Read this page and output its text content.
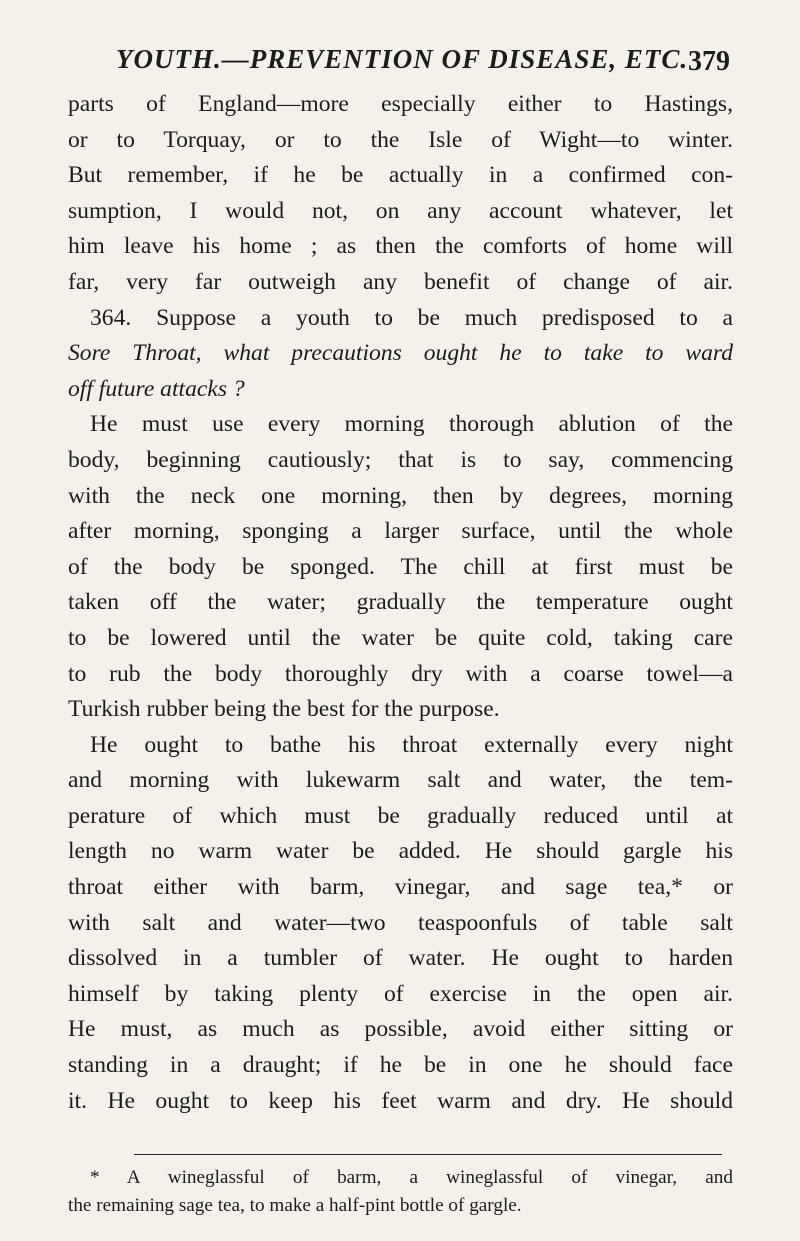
YOUTH.—PREVENTION OF DISEASE, ETC. 379
parts of England—more especially either to Hastings,
or to Torquay, or to the Isle of Wight—to winter.
But remember, if he be actually in a confirmed con-
sumption, I would not, on any account whatever, let
him leave his home ; as then the comforts of home will
far, very far outweigh any benefit of change of air.
364. Suppose a youth to be much predisposed to a
Sore Throat, what precautions ought he to take to ward
off future attacks ?
He must use every morning thorough ablution of the
body, beginning cautiously; that is to say, commencing
with the neck one morning, then by degrees, morning
after morning, sponging a larger surface, until the whole
of the body be sponged. The chill at first must be
taken off the water; gradually the temperature ought
to be lowered until the water be quite cold, taking care
to rub the body thoroughly dry with a coarse towel—a
Turkish rubber being the best for the purpose.
He ought to bathe his throat externally every night
and morning with lukewarm salt and water, the tem-
perature of which must be gradually reduced until at
length no warm water be added. He should gargle his
throat either with barm, vinegar, and sage tea,* or
with salt and water—two teaspoonfuls of table salt
dissolved in a tumbler of water. He ought to harden
himself by taking plenty of exercise in the open air.
He must, as much as possible, avoid either sitting or
standing in a draught; if he be in one he should face
it. He ought to keep his feet warm and dry. He should
* A wineglassful of barm, a wineglassful of vinegar, and
the remaining sage tea, to make a half-pint bottle of gargle.
